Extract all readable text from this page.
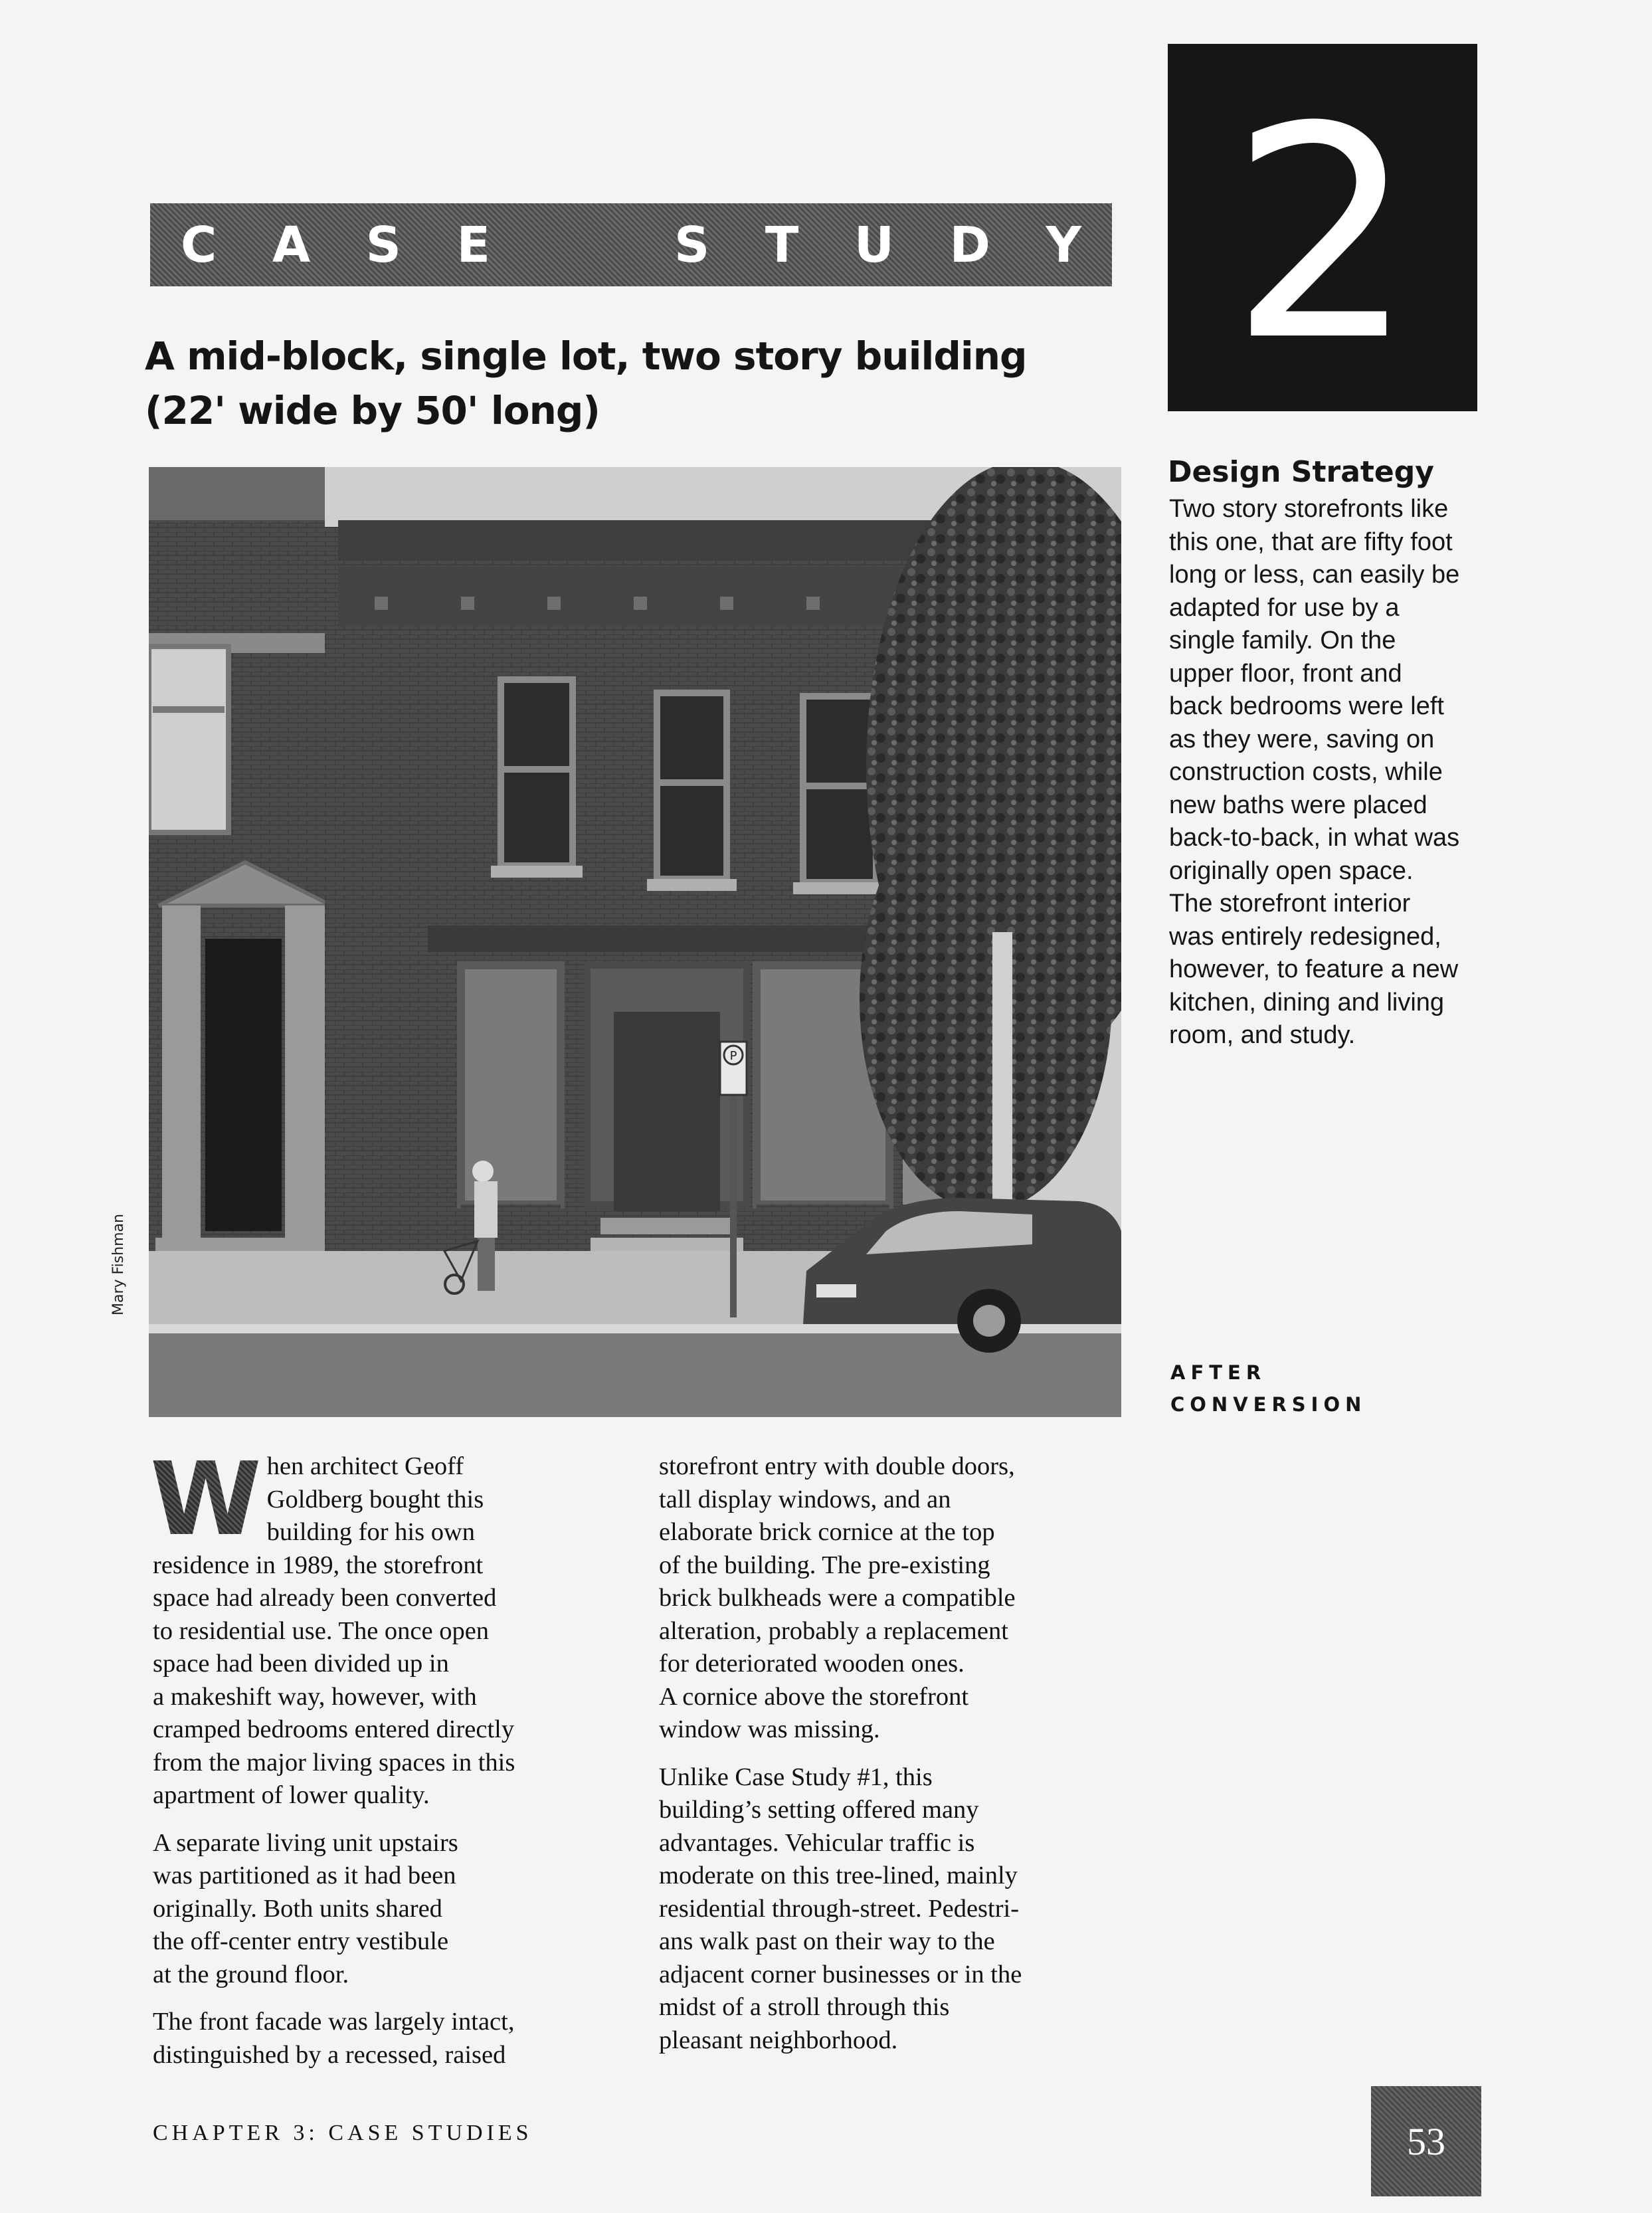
C A S E	S T U D Y 2
A mid-block, single lot, two story building
(22' wide by 50' long)
P
Mary Fishman
Design Strategy
Two story storefronts like
this one, that are fifty foot
long or less, can easily be
adapted for use by a
single family. On the
upper floor, front and
back bedrooms were left
as they were, saving on
construction costs, while
new baths were placed
back-to-back, in what was
originally open space.
The storefront interior
was entirely redesigned,
however, to feature a new
kitchen, dining and living
room, and study.
AFTER
CONVERSION

W hen architect Geoff
Goldberg bought this
building for his own
residence in 1989, the storefront
space had already been converted
to residential use. The once open
space had been divided up in
a makeshift way, however, with
cramped bedrooms entered directly
from the major living spaces in this
apartment of lower quality.

A separate living unit upstairs
was partitioned as it had been
originally. Both units shared
the off-center entry vestibule
at the ground floor.

The front facade was largely intact,
distinguished by a recessed, raised

storefront entry with double doors,
tall display windows, and an
elaborate brick cornice at the top
of the building. The pre-existing
brick bulkheads were a compatible
alteration, probably a replacement
for deteriorated wooden ones.
A cornice above the storefront
window was missing.

Unlike Case Study #1, this
building’s setting offered many
advantages. Vehicular traffic is
moderate on this tree-lined, mainly
residential through-street. Pedestri-
ans walk past on their way to the
adjacent corner businesses or in the
midst of a stroll through this
pleasant neighborhood.

CHAPTER 3: CASE STUDIES	53
